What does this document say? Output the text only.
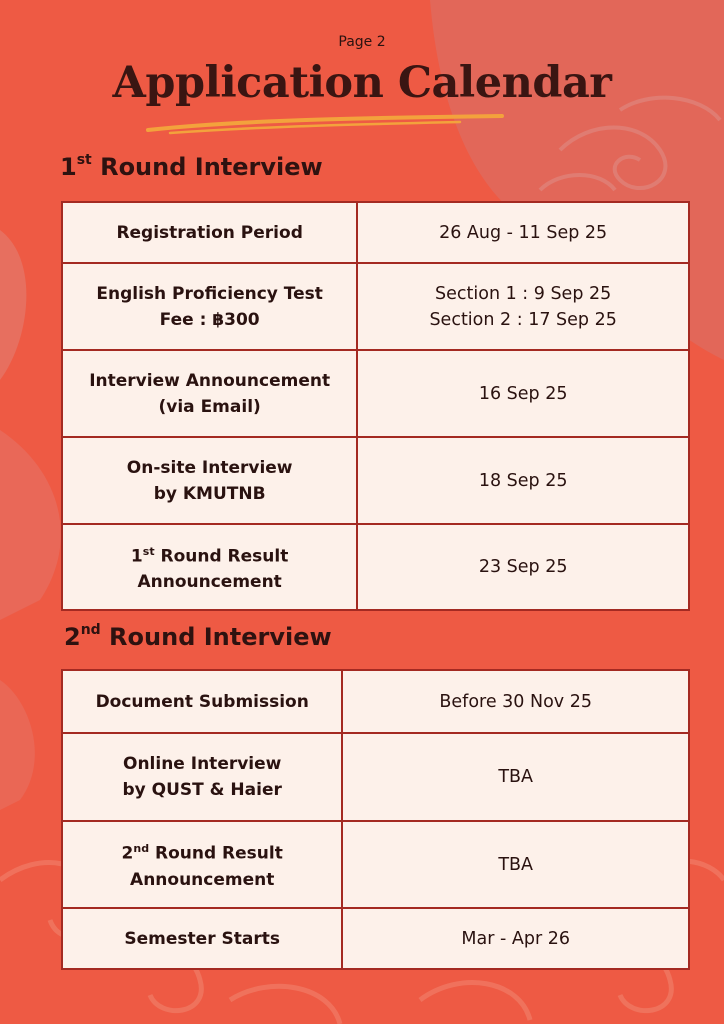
Page 2
Application Calendar
1st Round Interview
Registration Period	26 Aug - 11 Sep 25

English Proficiency Test
Fee : ฿300	Section 1 : 9 Sep 25
Section 2 : 17 Sep 25

Interview Announcement
(via Email)	16 Sep 25

On-site Interview
by KMUTNB	18 Sep 25

1st Round Result
Announcement	23 Sep 25
2nd Round Interview
Document Submission	Before 30 Nov 25

Online Interview
by QUST & Haier	TBA

2nd Round Result
Announcement	TBA

Semester Starts	Mar - Apr 26
